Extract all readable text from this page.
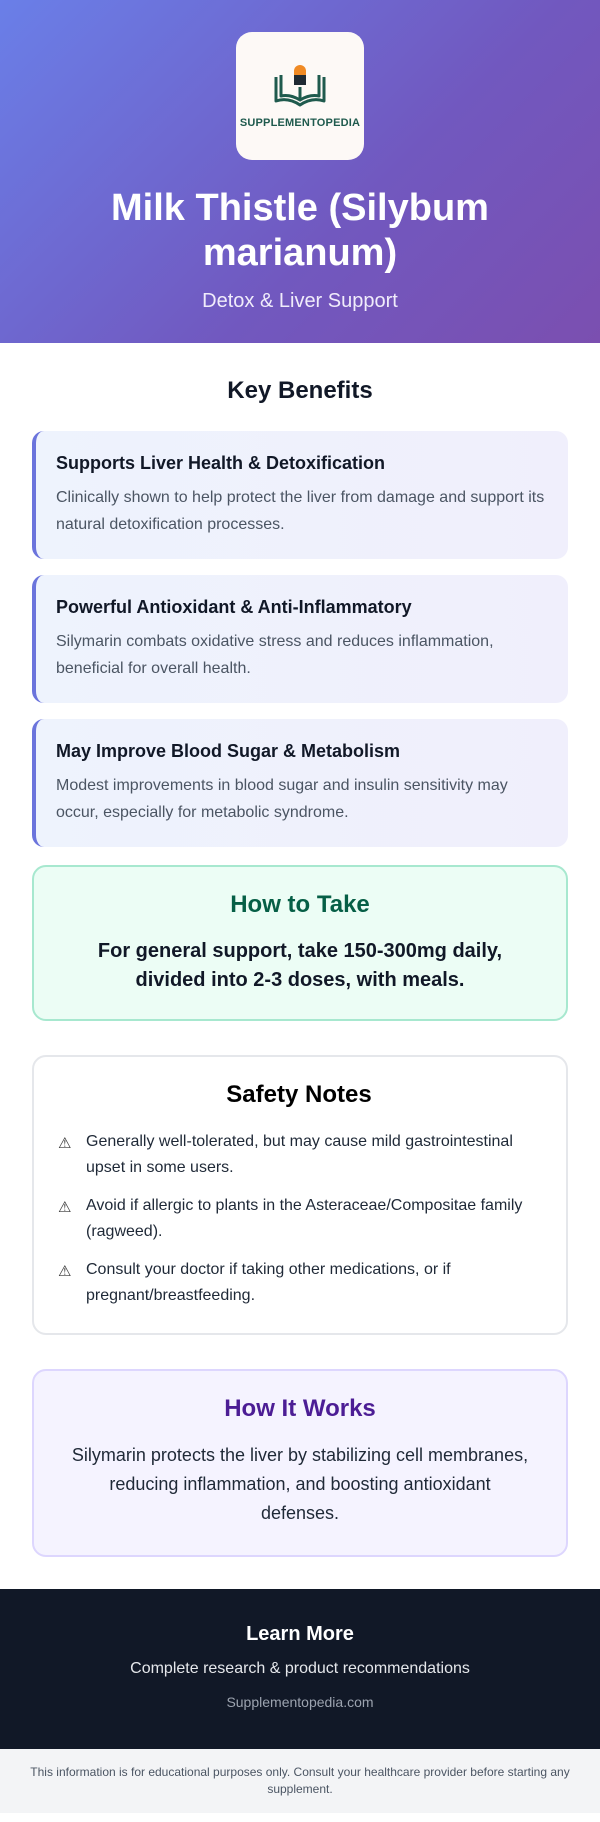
SUPPLEMENTOPEDIA
Milk Thistle (Silybum marianum)
Detox & Liver Support
Key Benefits
Supports Liver Health & Detoxification

Clinically shown to help protect the liver from damage and support its natural detoxification processes.

Powerful Antioxidant & Anti-Inflammatory

Silymarin combats oxidative stress and reduces inflammation, beneficial for overall health.

May Improve Blood Sugar & Metabolism

Modest improvements in blood sugar and insulin sensitivity may occur, especially for metabolic syndrome.

How to Take

For general support, take 150-300mg daily, divided into 2-3 doses, with meals.

Safety Notes
⚠ Generally well-tolerated, but may cause mild gastrointestinal upset in some users.

⚠ Avoid if allergic to plants in the Asteraceae/Compositae family (ragweed).

⚠ Consult your doctor if taking other medications, or if pregnant/breastfeeding.

How It Works

Silymarin protects the liver by stabilizing cell membranes, reducing inflammation, and boosting antioxidant defenses.

Learn More
Complete research & product recommendations
Supplementopedia.com
This information is for educational purposes only. Consult your healthcare provider before starting any supplement.
